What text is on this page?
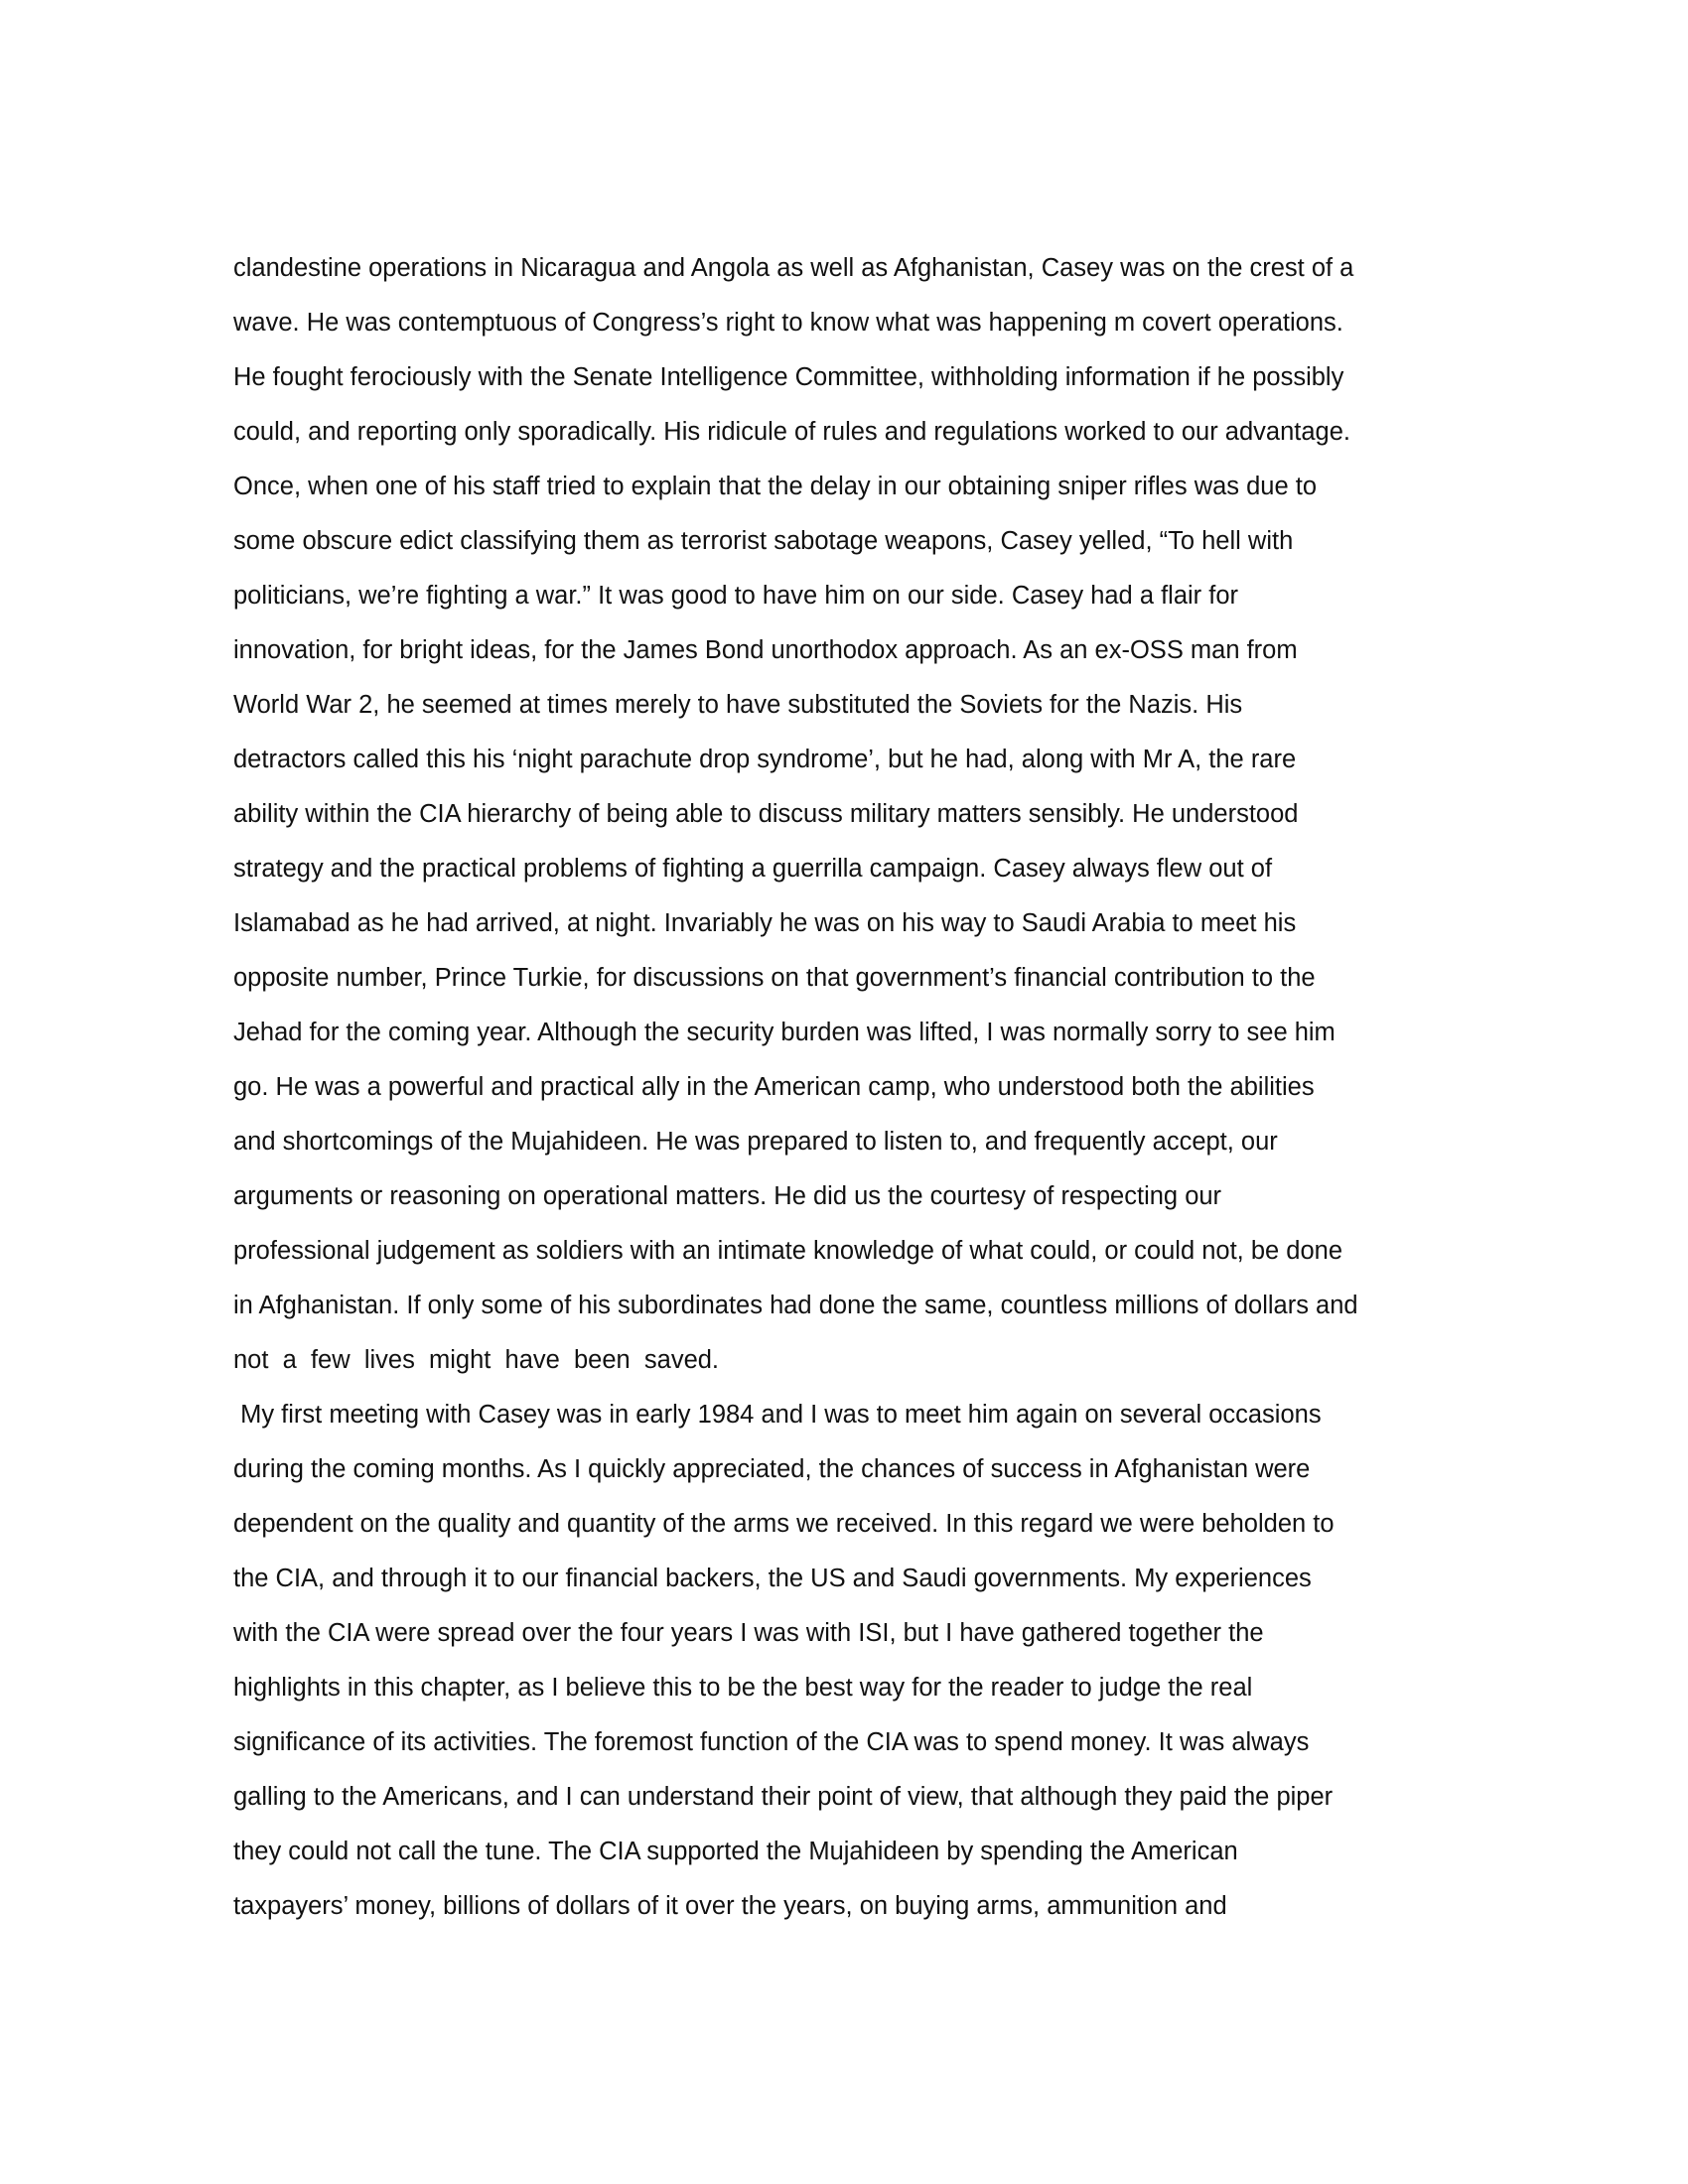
clandestine operations in Nicaragua and Angola as well as Afghanistan, Casey was on the crest of a
wave. He was contemptuous of Congress’s right to know what was happening m covert operations.
He fought ferociously with the Senate Intelligence Committee, withholding information if he possibly
could, and reporting only sporadically. His ridicule of rules and regulations worked to our advantage.
Once, when one of his staff tried to explain that the delay in our obtaining sniper rifles was due to
some obscure edict classifying them as terrorist sabotage weapons, Casey yelled, “To hell with
politicians, we’re fighting a war.” It was good to have him on our side. Casey had a flair for
innovation, for bright ideas, for the James Bond unorthodox approach. As an ex-OSS man from
World War 2, he seemed at times merely to have substituted the Soviets for the Nazis. His
detractors called this his ‘night parachute drop syndrome’, but he had, along with Mr A, the rare
ability within the CIA hierarchy of being able to discuss military matters sensibly. He understood
strategy and the practical problems of fighting a guerrilla campaign. Casey always flew out of
Islamabad as he had arrived, at night. Invariably he was on his way to Saudi Arabia to meet his
opposite number, Prince Turkie, for discussions on that government’s financial contribution to the
Jehad for the coming year. Although the security burden was lifted, I was normally sorry to see him
go. He was a powerful and practical ally in the American camp, who understood both the abilities
and shortcomings of the Mujahideen. He was prepared to listen to, and frequently accept, our
arguments or reasoning on operational matters. He did us the courtesy of respecting our
professional judgement as soldiers with an intimate knowledge of what could, or could not, be done
in Afghanistan. If only some of his subordinates had done the same, countless millions of dollars and
not  a  few  lives  might  have  been  saved.
My first meeting with Casey was in early 1984 and I was to meet him again on several occasions
during the coming months. As I quickly appreciated, the chances of success in Afghanistan were
dependent on the quality and quantity of the arms we received. In this regard we were beholden to
the CIA, and through it to our financial backers, the US and Saudi governments. My experiences
with the CIA were spread over the four years I was with ISI, but I have gathered together the
highlights in this chapter, as I believe this to be the best way for the reader to judge the real
significance of its activities. The foremost function of the CIA was to spend money. It was always
galling to the Americans, and I can understand their point of view, that although they paid the piper
they could not call the tune. The CIA supported the Mujahideen by spending the American
taxpayers’ money, billions of dollars of it over the years, on buying arms, ammunition and
